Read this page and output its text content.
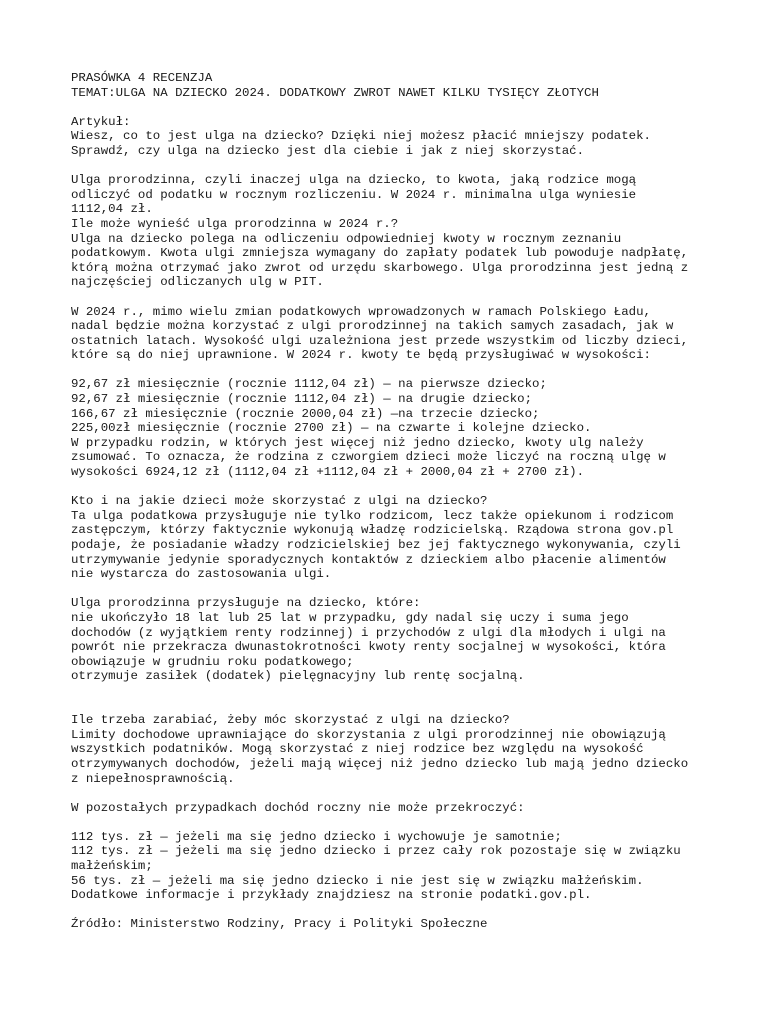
PRASÓWKA 4 RECENZJA
TEMAT:ULGA NA DZIECKO 2024. DODATKOWY ZWROT NAWET KILKU TYSIĘCY ZŁOTYCH
Artykuł:
Wiesz, co to jest ulga na dziecko? Dzięki niej możesz płacić mniejszy podatek.
Sprawdź, czy ulga na dziecko jest dla ciebie i jak z niej skorzystać.
Ulga prorodzinna, czyli inaczej ulga na dziecko, to kwota, jaką rodzice mogą
odliczyć od podatku w rocznym rozliczeniu. W 2024 r. minimalna ulga wyniesie
1112,04 zł.
Ile może wynieść ulga prorodzinna w 2024 r.?
Ulga na dziecko polega na odliczeniu odpowiedniej kwoty w rocznym zeznaniu
podatkowym. Kwota ulgi zmniejsza wymagany do zapłaty podatek lub powoduje nadpłatę,
którą można otrzymać jako zwrot od urzędu skarbowego. Ulga prorodzinna jest jedną z
najczęściej odliczanych ulg w PIT.
W 2024 r., mimo wielu zmian podatkowych wprowadzonych w ramach Polskiego Ładu,
nadal będzie można korzystać z ulgi prorodzinnej na takich samych zasadach, jak w
ostatnich latach. Wysokość ulgi uzależniona jest przede wszystkim od liczby dzieci,
które są do niej uprawnione. W 2024 r. kwoty te będą przysługiwać w wysokości:
92,67 zł miesięcznie (rocznie 1112,04 zł) — na pierwsze dziecko;
92,67 zł miesięcznie (rocznie 1112,04 zł) — na drugie dziecko;
166,67 zł miesięcznie (rocznie 2000,04 zł) —na trzecie dziecko;
225,00zł miesięcznie (rocznie 2700 zł) — na czwarte i kolejne dziecko.
W przypadku rodzin, w których jest więcej niż jedno dziecko, kwoty ulg należy
zsumować. To oznacza, że rodzina z czworgiem dzieci może liczyć na roczną ulgę w
wysokości 6924,12 zł (1112,04 zł +1112,04 zł + 2000,04 zł + 2700 zł).
Kto i na jakie dzieci może skorzystać z ulgi na dziecko?
Ta ulga podatkowa przysługuje nie tylko rodzicom, lecz także opiekunom i rodzicom
zastępczym, którzy faktycznie wykonują władzę rodzicielską. Rządowa strona gov.pl
podaje, że posiadanie władzy rodzicielskiej bez jej faktycznego wykonywania, czyli
utrzymywanie jedynie sporadycznych kontaktów z dzieckiem albo płacenie alimentów
nie wystarcza do zastosowania ulgi.
Ulga prorodzinna przysługuje na dziecko, które:
nie ukończyło 18 lat lub 25 lat w przypadku, gdy nadal się uczy i suma jego
dochodów (z wyjątkiem renty rodzinnej) i przychodów z ulgi dla młodych i ulgi na
powrót nie przekracza dwunastokrotności kwoty renty socjalnej w wysokości, która
obowiązuje w grudniu roku podatkowego;
otrzymuje zasiłek (dodatek) pielęgnacyjny lub rentę socjalną.
Ile trzeba zarabiać, żeby móc skorzystać z ulgi na dziecko?
Limity dochodowe uprawniające do skorzystania z ulgi prorodzinnej nie obowiązują
wszystkich podatników. Mogą skorzystać z niej rodzice bez względu na wysokość
otrzymywanych dochodów, jeżeli mają więcej niż jedno dziecko lub mają jedno dziecko
z niepełnosprawnością.
W pozostałych przypadkach dochód roczny nie może przekroczyć:
112 tys. zł — jeżeli ma się jedno dziecko i wychowuje je samotnie;
112 tys. zł — jeżeli ma się jedno dziecko i przez cały rok pozostaje się w związku
małżeńskim;
56 tys. zł — jeżeli ma się jedno dziecko i nie jest się w związku małżeńskim.
Dodatkowe informacje i przykłady znajdziesz na stronie podatki.gov.pl.
Źródło: Ministerstwo Rodziny, Pracy i Polityki Społeczne
